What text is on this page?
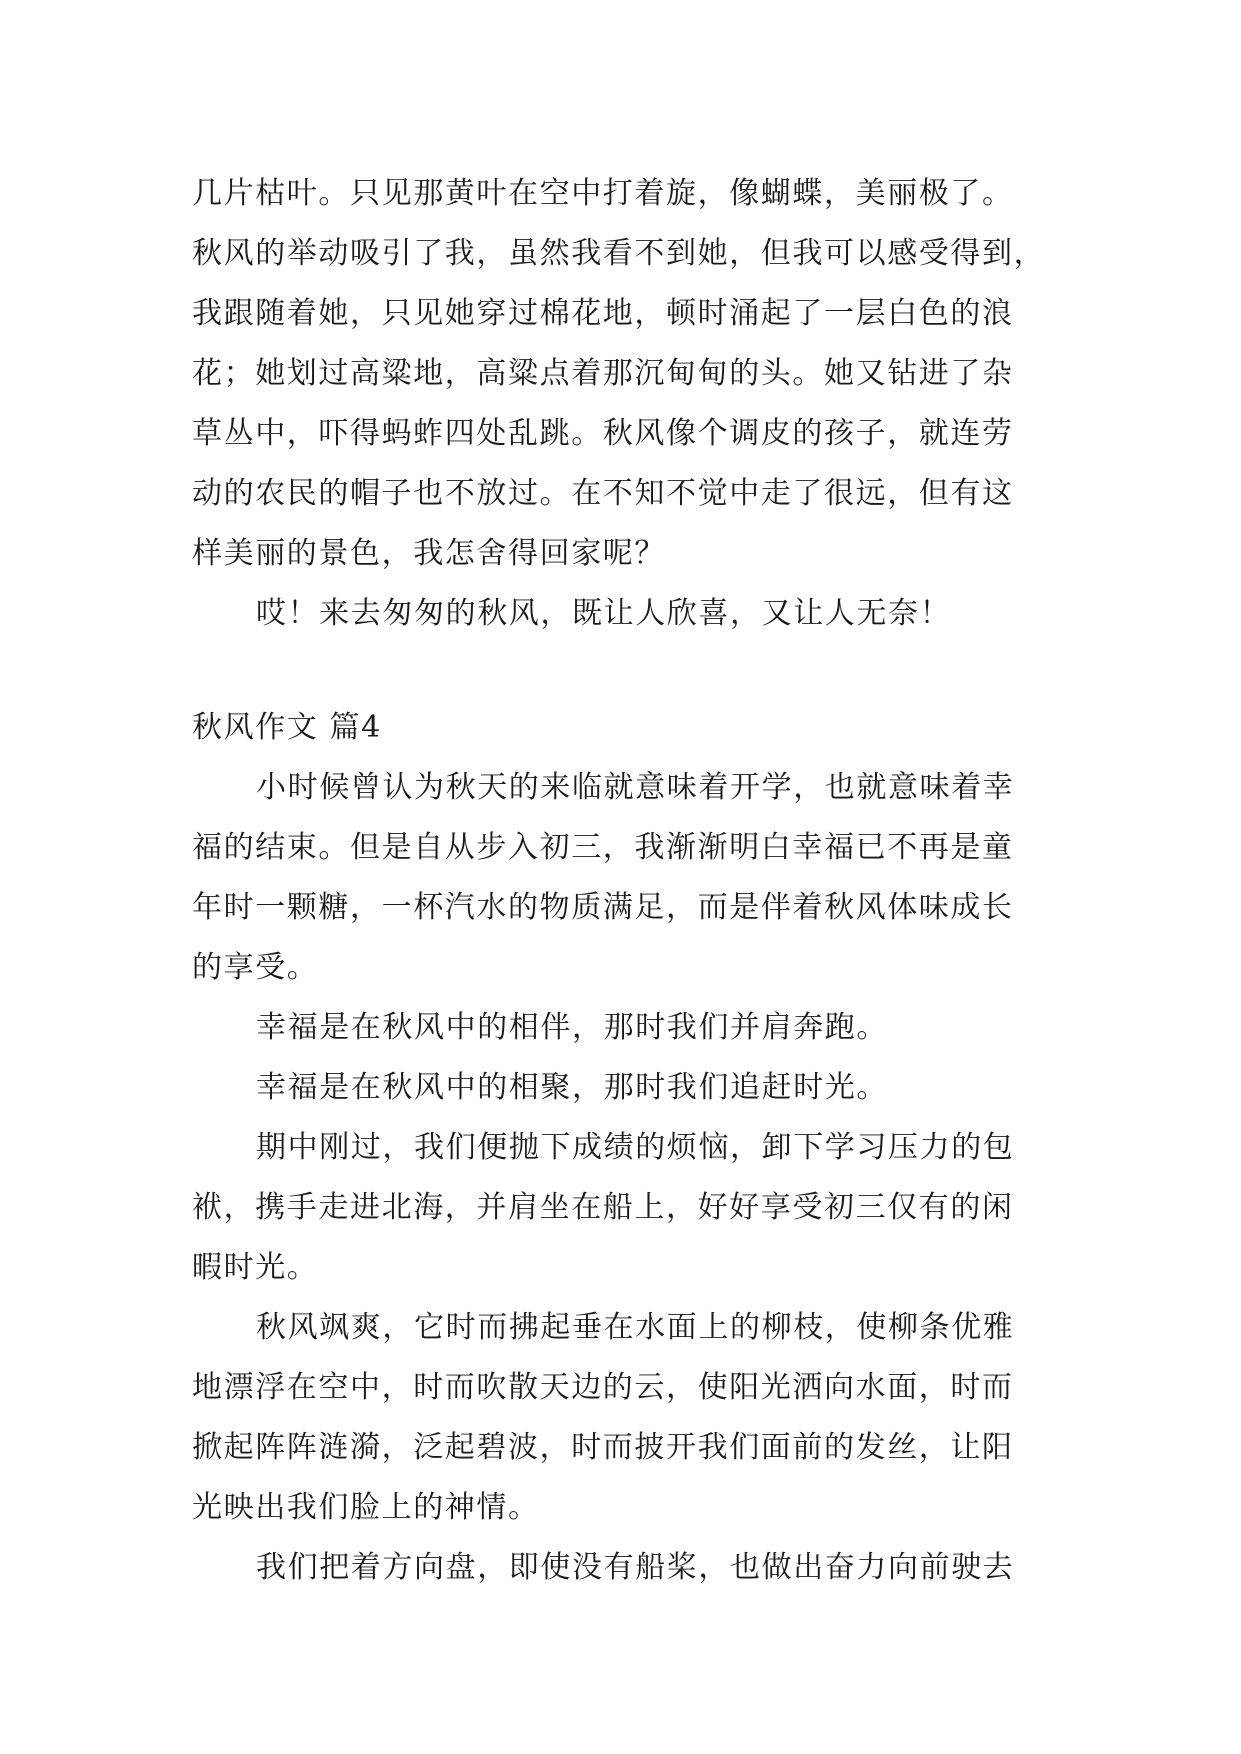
几片枯叶。只见那黄叶在空中打着旋，像蝴蝶，美丽极了。
秋风的举动吸引了我，虽然我看不到她，但我可以感受得到，
我跟随着她，只见她穿过棉花地，顿时涌起了一层白色的浪
花；她划过高粱地，高粱点着那沉甸甸的头。她又钻进了杂
草丛中，吓得蚂蚱四处乱跳。秋风像个调皮的孩子，就连劳
动的农民的帽子也不放过。在不知不觉中走了很远，但有这
样美丽的景色，我怎舍得回家呢？
哎！来去匆匆的秋风，既让人欣喜，又让人无奈！
秋风作文 篇4
小时候曾认为秋天的来临就意味着开学，也就意味着幸
福的结束。但是自从步入初三，我渐渐明白幸福已不再是童
年时一颗糖，一杯汽水的物质满足，而是伴着秋风体味成长
的享受。
幸福是在秋风中的相伴，那时我们并肩奔跑。
幸福是在秋风中的相聚，那时我们追赶时光。
期中刚过，我们便抛下成绩的烦恼，卸下学习压力的包
袱，携手走进北海，并肩坐在船上，好好享受初三仅有的闲
暇时光。
秋风飒爽，它时而拂起垂在水面上的柳枝，使柳条优雅
地漂浮在空中，时而吹散天边的云，使阳光洒向水面，时而
掀起阵阵涟漪，泛起碧波，时而披开我们面前的发丝，让阳
光映出我们脸上的神情。
我们把着方向盘，即使没有船桨，也做出奋力向前驶去
